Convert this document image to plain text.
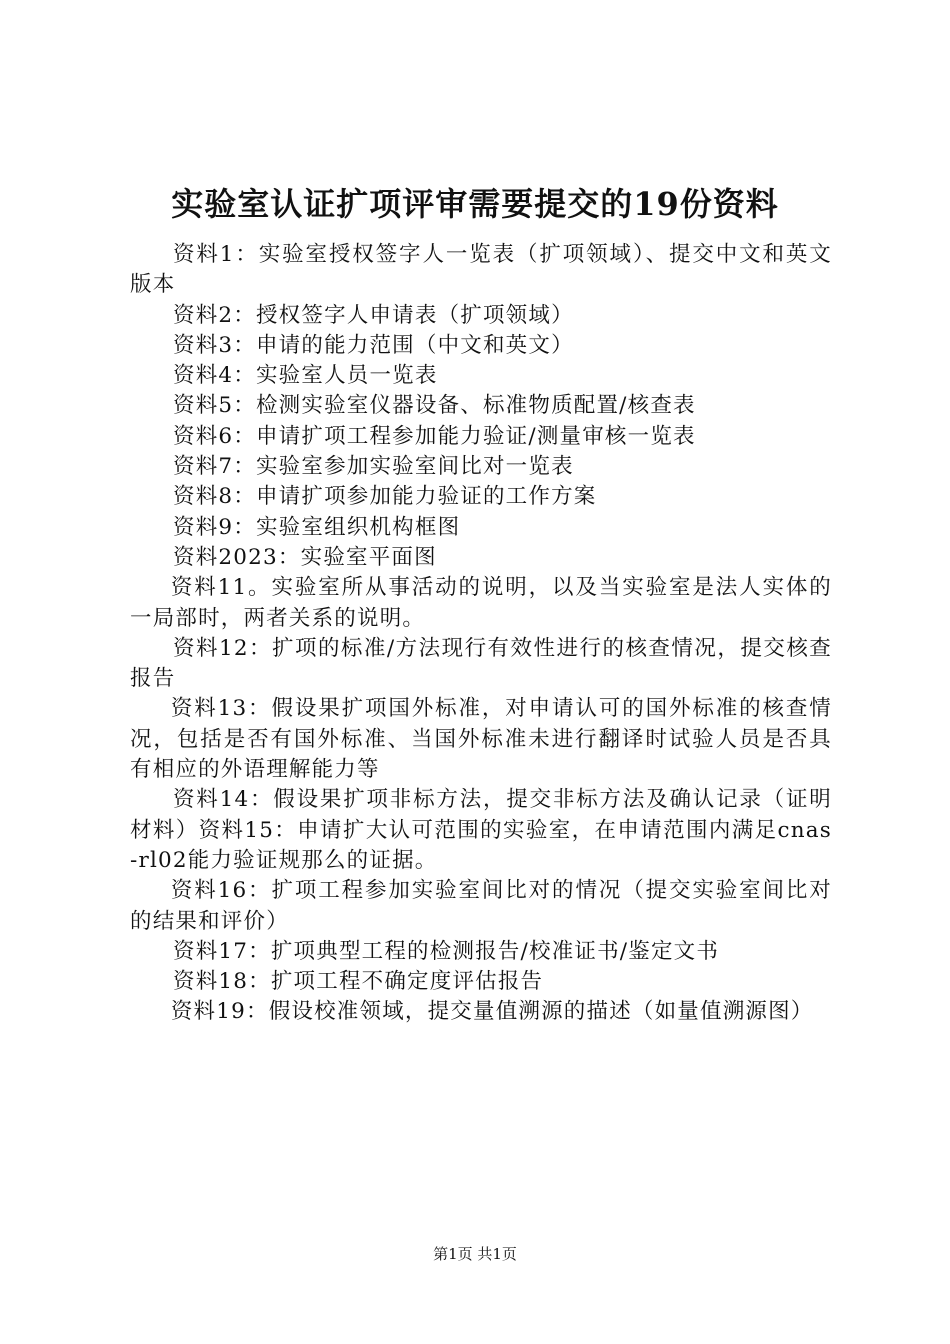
实验室认证扩项评审需要提交的19份资料

资料1：实验室授权签字人一览表（扩项领域）、提交中文和英文版本

资料2：授权签字人申请表（扩项领域）

资料3：申请的能力范围（中文和英文）

资料4：实验室人员一览表

资料5：检测实验室仪器设备、标准物质配置/核查表

资料6：申请扩项工程参加能力验证/测量审核一览表

资料7：实验室参加实验室间比对一览表

资料8：申请扩项参加能力验证的工作方案

资料9：实验室组织机构框图

资料2023：实验室平面图

资料11。实验室所从事活动的说明，以及当实验室是法人实体的一局部时，两者关系的说明。

资料12：扩项的标准/方法现行有效性进行的核查情况，提交核查报告

资料13：假设果扩项国外标准，对申请认可的国外标准的核查情况，包括是否有国外标准、当国外标准未进行翻译时试验人员是否具有相应的外语理解能力等

资料14：假设果扩项非标方法，提交非标方法及确认记录（证明材料）资料15：申请扩大认可范围的实验室，在申请范围内满足cnas-rl02能力验证规那么的证据。

资料16：扩项工程参加实验室间比对的情况（提交实验室间比对的结果和评价）

资料17：扩项典型工程的检测报告/校准证书/鉴定文书

资料18：扩项工程不确定度评估报告

资料19：假设校准领域，提交量值溯源的描述（如量值溯源图）

第1页 共1页
